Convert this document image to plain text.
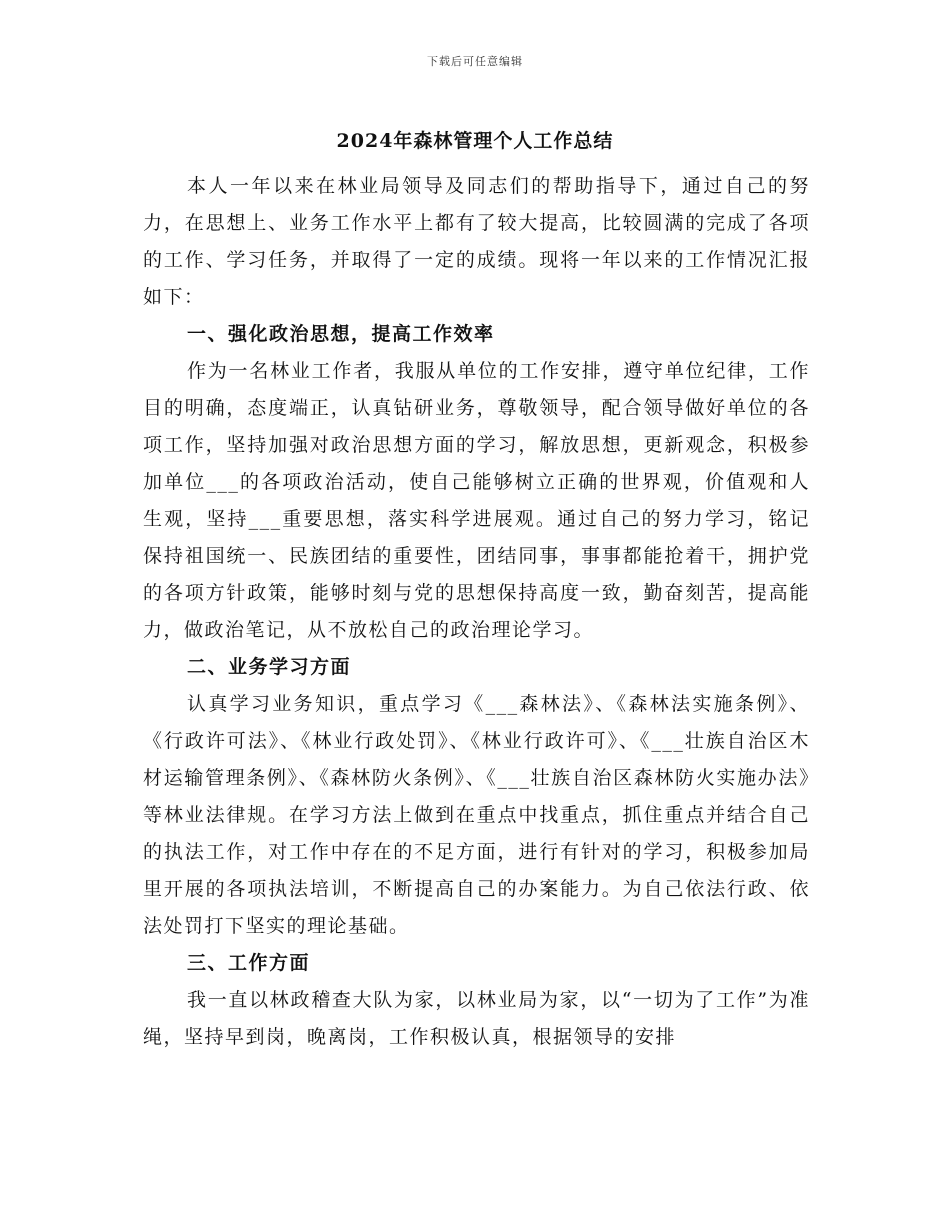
下载后可任意编辑
2024年森林管理个人工作总结

本人一年以来在林业局领导及同志们的帮助指导下，通过自己的努力，在思想上、业务工作水平上都有了较大提高，比较圆满的完成了各项的工作、学习任务，并取得了一定的成绩。现将一年以来的工作情况汇报如下：

一、强化政治思想，提高工作效率

作为一名林业工作者，我服从单位的工作安排，遵守单位纪律，工作目的明确，态度端正，认真钻研业务，尊敬领导，配合领导做好单位的各项工作，坚持加强对政治思想方面的学习，解放思想，更新观念，积极参加单位___的各项政治活动，使自己能够树立正确的世界观，价值观和人生观，坚持___重要思想，落实科学进展观。通过自己的努力学习，铭记保持祖国统一、民族团结的重要性，团结同事，事事都能抢着干，拥护党的各项方针政策，能够时刻与党的思想保持高度一致，勤奋刻苦，提高能力，做政治笔记，从不放松自己的政治理论学习。

二、业务学习方面

认真学习业务知识，重点学习《___森林法》、《森林法实施条例》、《行政许可法》、《林业行政处罚》、《林业行政许可》、《___壮族自治区木材运输管理条例》、《森林防火条例》、《___壮族自治区森林防火实施办法》等林业法律规。在学习方法上做到在重点中找重点，抓住重点并结合自己的执法工作，对工作中存在的不足方面，进行有针对的学习，积极参加局里开展的各项执法培训，不断提高自己的办案能力。为自己依法行政、依法处罚打下坚实的理论基础。

三、工作方面

我一直以林政稽查大队为家，以林业局为家，以“一切为了工作”为准绳，坚持早到岗，晚离岗，工作积极认真，根据领导的安排
